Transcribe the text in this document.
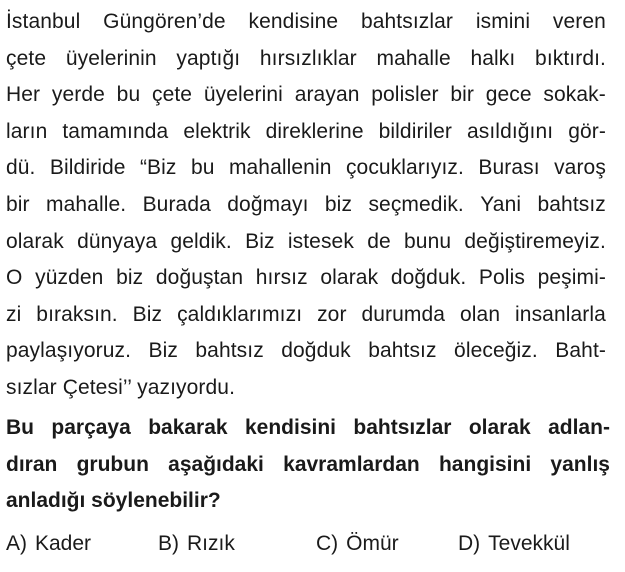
İstanbul Güngören’de kendisine bahtsızlar ismini veren
çete üyelerinin yaptığı hırsızlıklar mahalle halkı bıktırdı.
Her yerde bu çete üyelerini arayan polisler bir gece sokak-
ların tamamında elektrik direklerine bildiriler asıldığını gör-
dü. Bildiride “Biz bu mahallenin çocuklarıyız. Burası varoş
bir mahalle. Burada doğmayı biz seçmedik. Yani bahtsız
olarak dünyaya geldik. Biz istesek de bunu değiştiremeyiz.
O yüzden biz doğuştan hırsız olarak doğduk. Polis peşimi-
zi bıraksın. Biz çaldıklarımızı zor durumda olan insanlarla
paylaşıyoruz. Biz bahtsız doğduk bahtsız öleceğiz. Baht-
sızlar Çetesi’’ yazıyordu.
Bu parçaya bakarak kendisini bahtsızlar olarak adlan-
dıran grubun aşağıdaki kavramlardan hangisini yanlış
anladığı söylenebilir?
A) Kader	B) Rızık	C) Ömür	D) Tevekkül
